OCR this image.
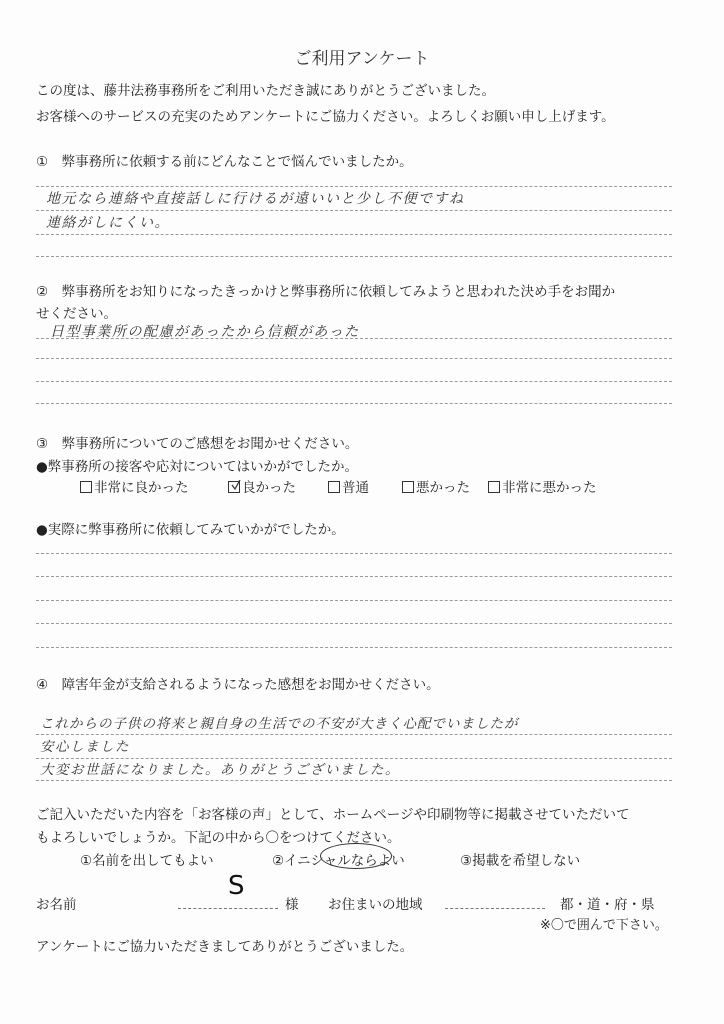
ご利用アンケート
この度は、藤井法務事務所をご利用いただき誠にありがとうございました。
お客様へのサービスの充実のためアンケートにご協力ください。よろしくお願い申し上げます。
①　弊事務所に依頼する前にどんなことで悩んでいましたか。
地元なら連絡や直接話しに行けるが遠いいと少し不便ですね
連絡がしにくい。
②　弊事務所をお知りになったきっかけと弊事務所に依頼してみようと思われた決め手をお聞か
せください。
日型事業所の配慮があったから信頼があった
③　弊事務所についてのご感想をお聞かせください。
●弊事務所の接客や応対についてはいかがでしたか。
非常に良かった	良かった	普通	悪かった	非常に悪かった
●実際に弊事務所に依頼してみていかがでしたか。
④　障害年金が支給されるようになった感想をお聞かせください。
これからの子供の将来と親自身の生活での不安が大きく心配でいましたが
安心しました
大変お世話になりました。ありがとうございました。
ご記入いただいた内容を「お客様の声」として、ホームページや印刷物等に掲載させていただいて
もよろしいでしょうか。下記の中から〇をつけてください。
①名前を出してもよい	②イニシャルならよい	③掲載を希望しない
お名前
S
様 お住まいの地域	都・道・府・県
※〇で囲んで下さい。
アンケートにご協力いただきましてありがとうございました。
